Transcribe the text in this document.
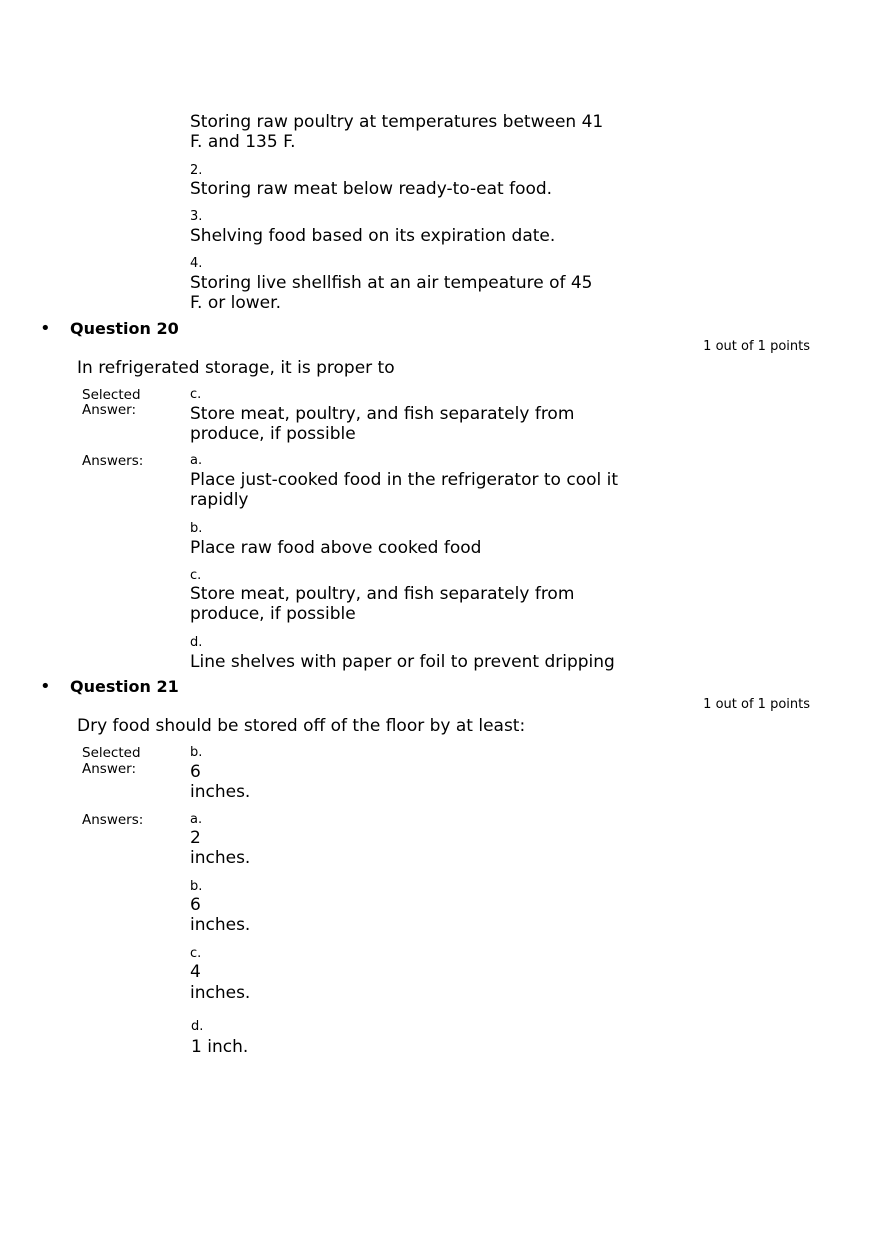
Storing raw poultry at temperatures between 41
F. and 135 F.
2.
Storing raw meat below ready-to-eat food.
3.
Shelving food based on its expiration date.
4.
Storing live shellfish at an air tempeature of 45
F. or lower.
• Question 20
1 out of 1 points
In refrigerated storage, it is proper to
Selected
Answer:
c.
Store meat, poultry, and fish separately from
produce, if possible
Answers:	a.
Place just-cooked food in the refrigerator to cool it
rapidly
b.
Place raw food above cooked food
c.
Store meat, poultry, and fish separately from
produce, if possible
d.
Line shelves with paper or foil to prevent dripping
• Question 21
1 out of 1 points
Dry food should be stored off of the floor by at least:
Selected
Answer:
b.
6
inches.
Answers:	a.
2
inches.
b.
6
inches.
c.
4
inches.
d.
1 inch.
